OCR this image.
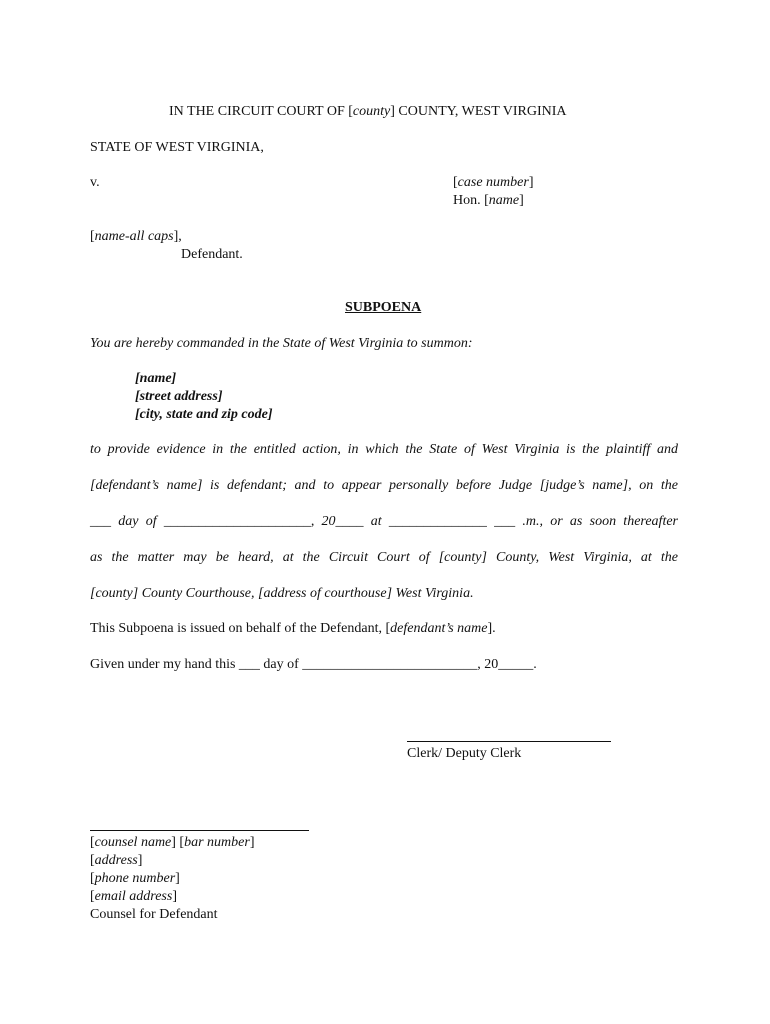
IN THE CIRCUIT COURT OF [county] COUNTY, WEST VIRGINIA
STATE OF WEST VIRGINIA,
v.	[case number]
Hon. [name]
[name-all caps],
Defendant.
SUBPOENA
You are hereby commanded in the State of West Virginia to summon:
[name]
[street address]
[city, state and zip code]
to provide evidence in the entitled action, in which the State of West Virginia is the plaintiff and
[defendant’s name] is defendant; and to appear personally before Judge [judge’s name], on the
___ day of _____________________, 20____ at ______________ ___ .m., or as soon thereafter
as the matter may be heard, at the Circuit Court of [county] County, West Virginia, at the
[county] County Courthouse, [address of courthouse] West Virginia.
This Subpoena is issued on behalf of the Defendant, [defendant’s name].
Given under my hand this ___ day of _________________________, 20_____.
Clerk/ Deputy Clerk
[counsel name] [bar number]
[address]
[phone number]
[email address]
Counsel for Defendant
